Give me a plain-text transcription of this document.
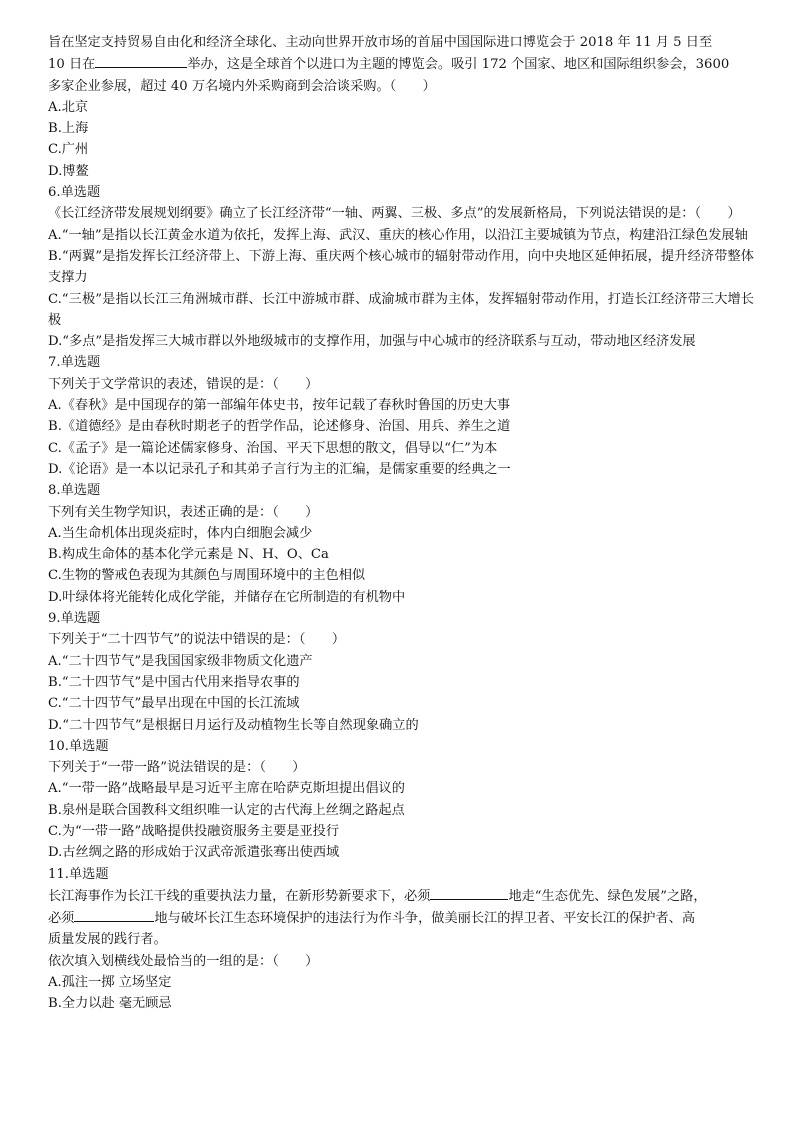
旨在坚定支持贸易自由化和经济全球化、主动向世界开放市场的首届中国国际进口博览会于 2018 年 11 月 5 日至
10 日在	举办，这是全球首个以进口为主题的博览会。吸引 172 个国家、地区和国际组织参会，3600
多家企业参展，超过 40 万名境内外采购商到会洽谈采购。（　　）
A.北京
B.上海
C.广州
D.博鳌
6.单选题
《长江经济带发展规划纲要》确立了长江经济带“一轴、两翼、三极、多点”的发展新格局，下列说法错误的是：（　　）
A.“一轴”是指以长江黄金水道为依托，发挥上海、武汉、重庆的核心作用，以沿江主要城镇为节点，构建沿江绿色发展轴
B.“两翼”是指发挥长江经济带上、下游上海、重庆两个核心城市的辐射带动作用，向中央地区延伸拓展，提升经济带整体支撑力
C.“三极”是指以长江三角洲城市群、长江中游城市群、成渝城市群为主体，发挥辐射带动作用，打造长江经济带三大增长极
D.“多点”是指发挥三大城市群以外地级城市的支撑作用，加强与中心城市的经济联系与互动，带动地区经济发展
7.单选题
下列关于文学常识的表述，错误的是：（　　）
A.《春秋》是中国现存的第一部编年体史书，按年记载了春秋时鲁国的历史大事
B.《道德经》是由春秋时期老子的哲学作品，论述修身、治国、用兵、养生之道
C.《孟子》是一篇论述儒家修身、治国、平天下思想的散文，倡导以“仁”为本
D.《论语》是一本以记录孔子和其弟子言行为主的汇编，是儒家重要的经典之一
8.单选题
下列有关生物学知识，表述正确的是：（　　）
A.当生命机体出现炎症时，体内白细胞会减少
B.构成生命体的基本化学元素是 N、H、O、Ca
C.生物的警戒色表现为其颜色与周围环境中的主色相似
D.叶绿体将光能转化成化学能，并储存在它所制造的有机物中
9.单选题
下列关于“二十四节气”的说法中错误的是：（　　）
A.“二十四节气”是我国国家级非物质文化遗产
B.“二十四节气”是中国古代用来指导农事的
C.“二十四节气”最早出现在中国的长江流域
D.“二十四节气”是根据日月运行及动植物生长等自然现象确立的
10.单选题
下列关于“一带一路”说法错误的是：（　　）
A.“一带一路”战略最早是习近平主席在哈萨克斯坦提出倡议的
B.泉州是联合国教科文组织唯一认定的古代海上丝绸之路起点
C.为“一带一路”战略提供投融资服务主要是亚投行
D.古丝绸之路的形成始于汉武帝派遣张骞出使西域
11.单选题
长江海事作为长江干线的重要执法力量，在新形势新要求下，必须	地走“生态优先、绿色发展”之路，
必须	地与破坏长江生态环境保护的违法行为作斗争，做美丽长江的捍卫者、平安长江的保护者、高
质量发展的践行者。
依次填入划横线处最恰当的一组的是：（　　）
A.孤注一掷 立场坚定
B.全力以赴 毫无顾忌
